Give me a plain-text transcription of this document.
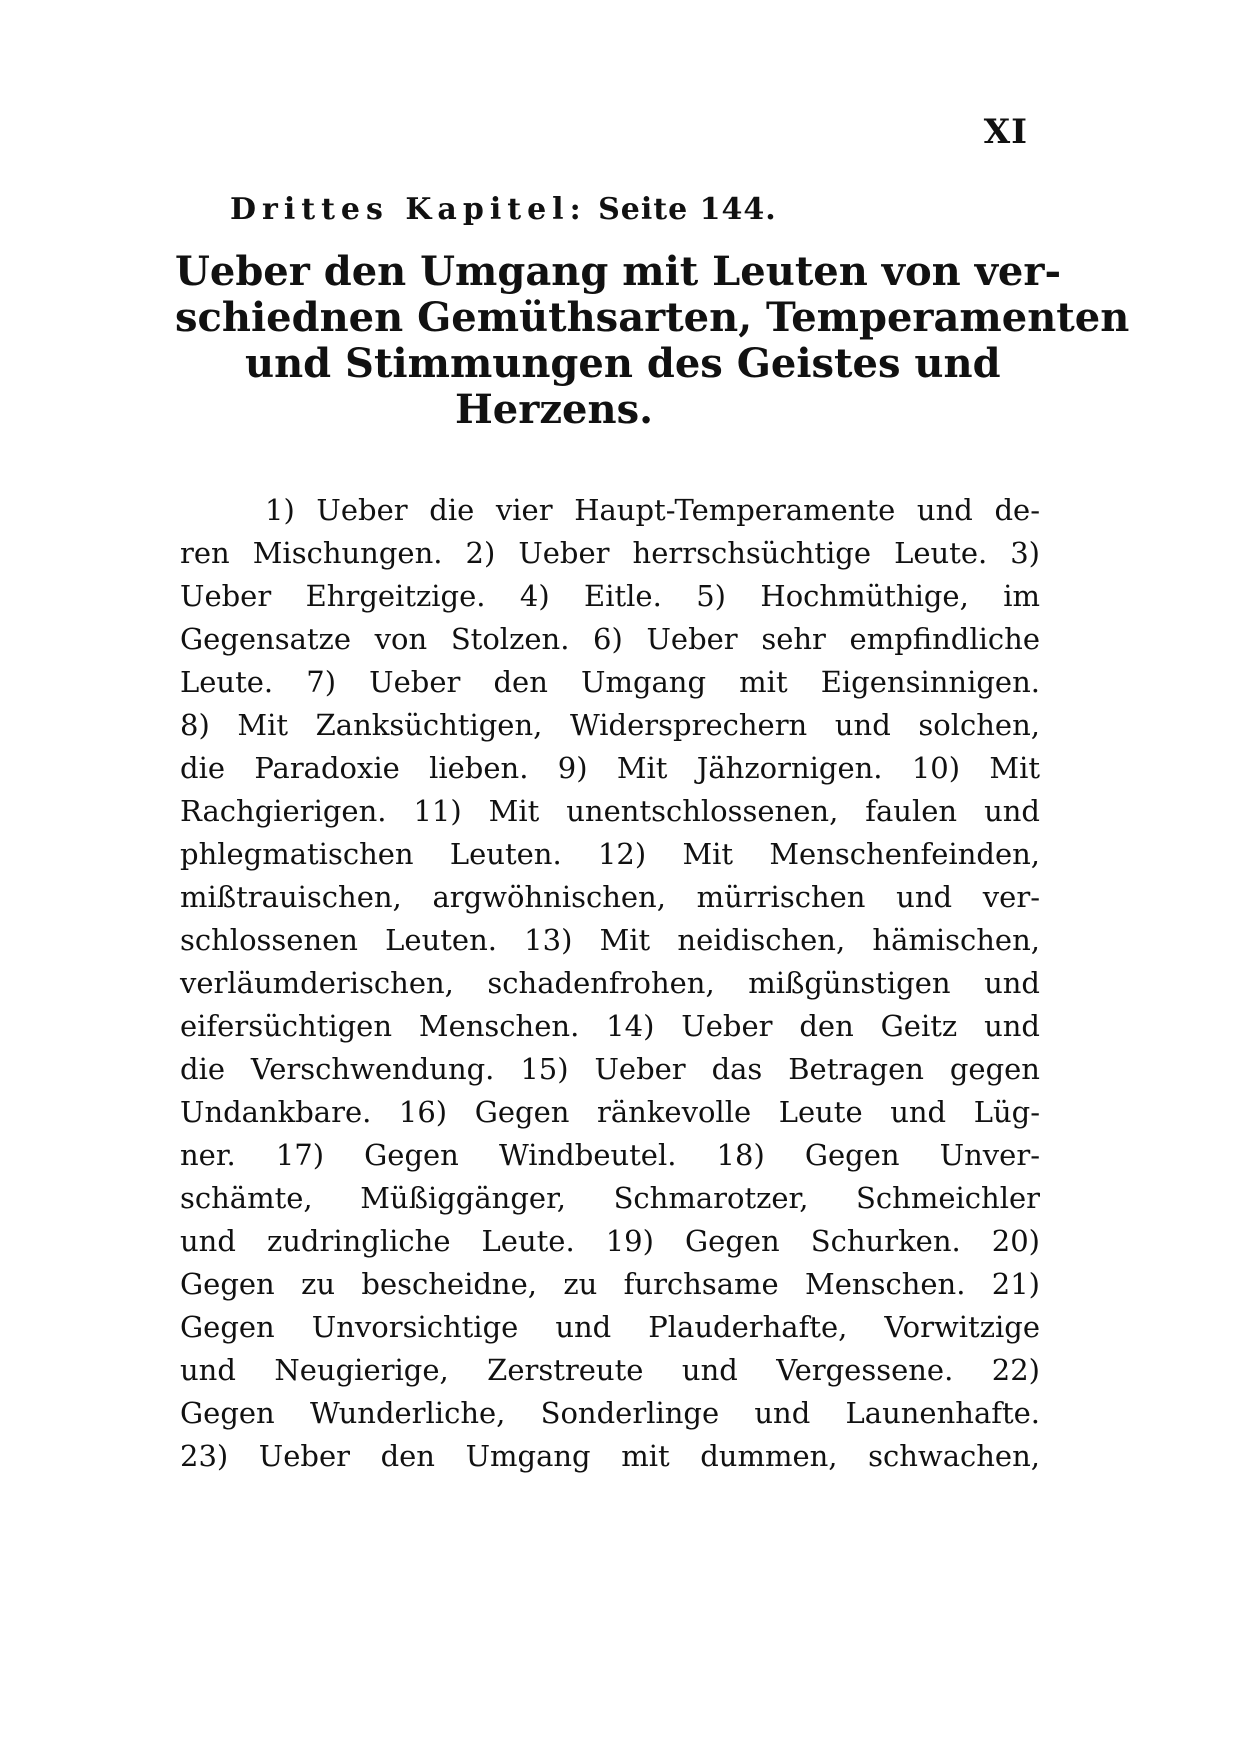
XI
Drittes Kapitel: Seite 144.
Ueber den Umgang mit Leuten von ver-
schiednen Gemüthsarten, Temperamenten
und Stimmungen des Geistes und
Herzens.
1) Ueber die vier Haupt-Temperamente und de-
ren Mischungen. 2) Ueber herrschsüchtige Leute. 3)
Ueber Ehrgeitzige. 4) Eitle. 5) Hochmüthige, im
Gegensatze von Stolzen. 6) Ueber sehr empfindliche
Leute. 7) Ueber den Umgang mit Eigensinnigen.
8) Mit Zanksüchtigen, Widersprechern und solchen,
die Paradoxie lieben. 9) Mit Jähzornigen. 10) Mit
Rachgierigen. 11) Mit unentschlossenen, faulen und
phlegmatischen Leuten. 12) Mit Menschenfeinden,
mißtrauischen, argwöhnischen, mürrischen und ver-
schlossenen Leuten. 13) Mit neidischen, hämischen,
verläumderischen, schadenfrohen, mißgünstigen und
eifersüchtigen Menschen. 14) Ueber den Geitz und
die Verschwendung. 15) Ueber das Betragen gegen
Undankbare. 16) Gegen ränkevolle Leute und Lüg-
ner. 17) Gegen Windbeutel. 18) Gegen Unver-
schämte, Müßiggänger, Schmarotzer, Schmeichler
und zudringliche Leute. 19) Gegen Schurken. 20)
Gegen zu bescheidne, zu furchsame Menschen. 21)
Gegen Unvorsichtige und Plauderhafte, Vorwitzige
und Neugierige, Zerstreute und Vergessene. 22)
Gegen Wunderliche, Sonderlinge und Launenhafte.
23) Ueber den Umgang mit dummen, schwachen,
